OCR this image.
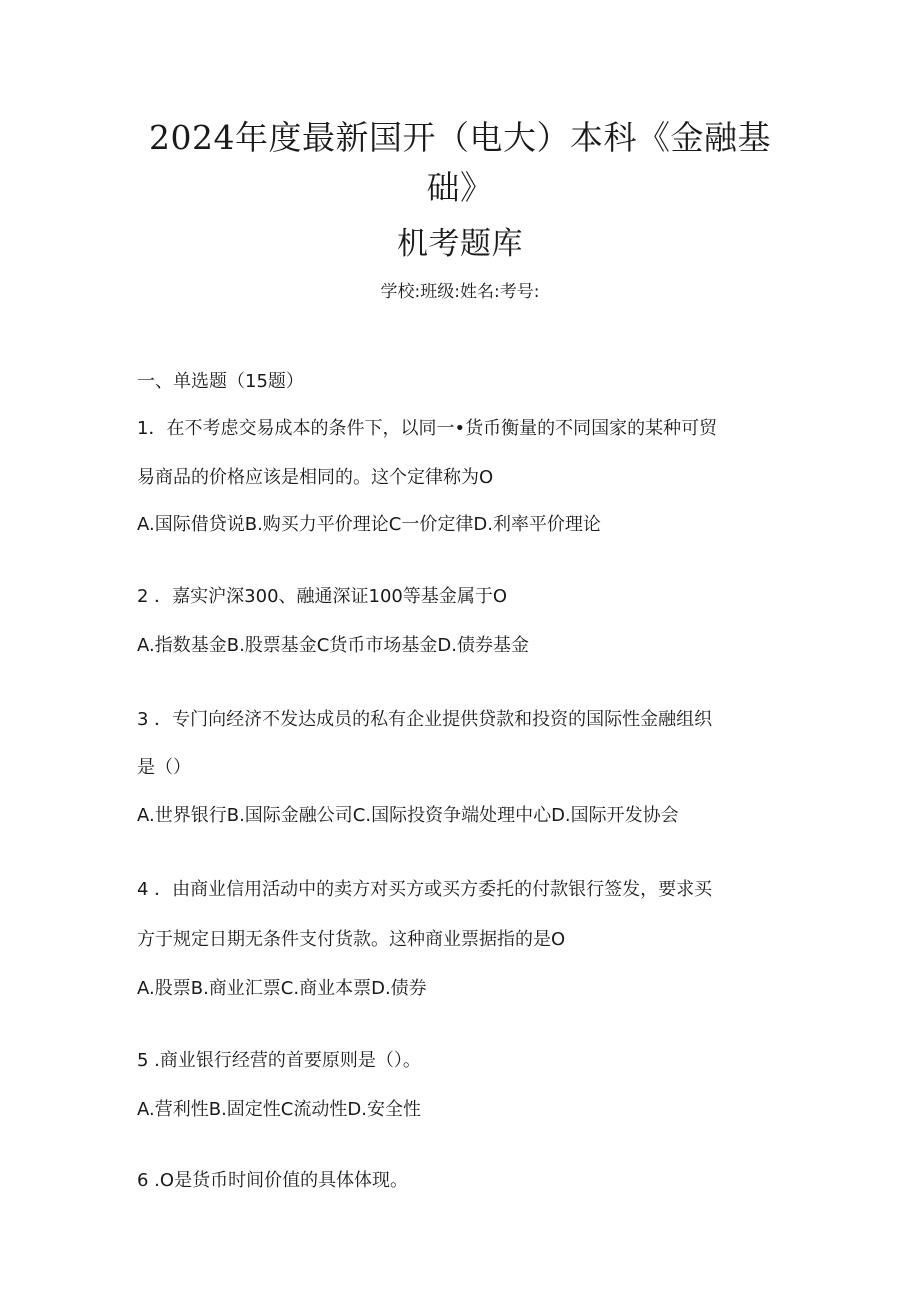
2024年度最新国开（电大）本科《金融基
础》
机考题库
学校:班级:姓名:考号:
一、单选题（15题）
1．在不考虑交易成本的条件下，以同一•货币衡量的不同国家的某种可贸
易商品的价格应该是相同的。这个定律称为O
A.国际借贷说B.购买力平价理论C一价定律D.利率平价理论
2 ．嘉实沪深300、融通深证100等基金属于O
A.指数基金B.股票基金C货币市场基金D.债券基金
3 ．专门向经济不发达成员的私有企业提供贷款和投资的国际性金融组织
是（）
A.世界银行B.国际金融公司C.国际投资争端处理中心D.国际开发协会
4 ．由商业信用活动中的卖方对买方或买方委托的付款银行签发，要求买
方于规定日期无条件支付货款。这种商业票据指的是O
A.股票B.商业汇票C.商业本票D.债券
5 .商业银行经营的首要原则是（）。
A.营利性B.固定性C流动性D.安全性
6 .O是货币时间价值的具体体现。
